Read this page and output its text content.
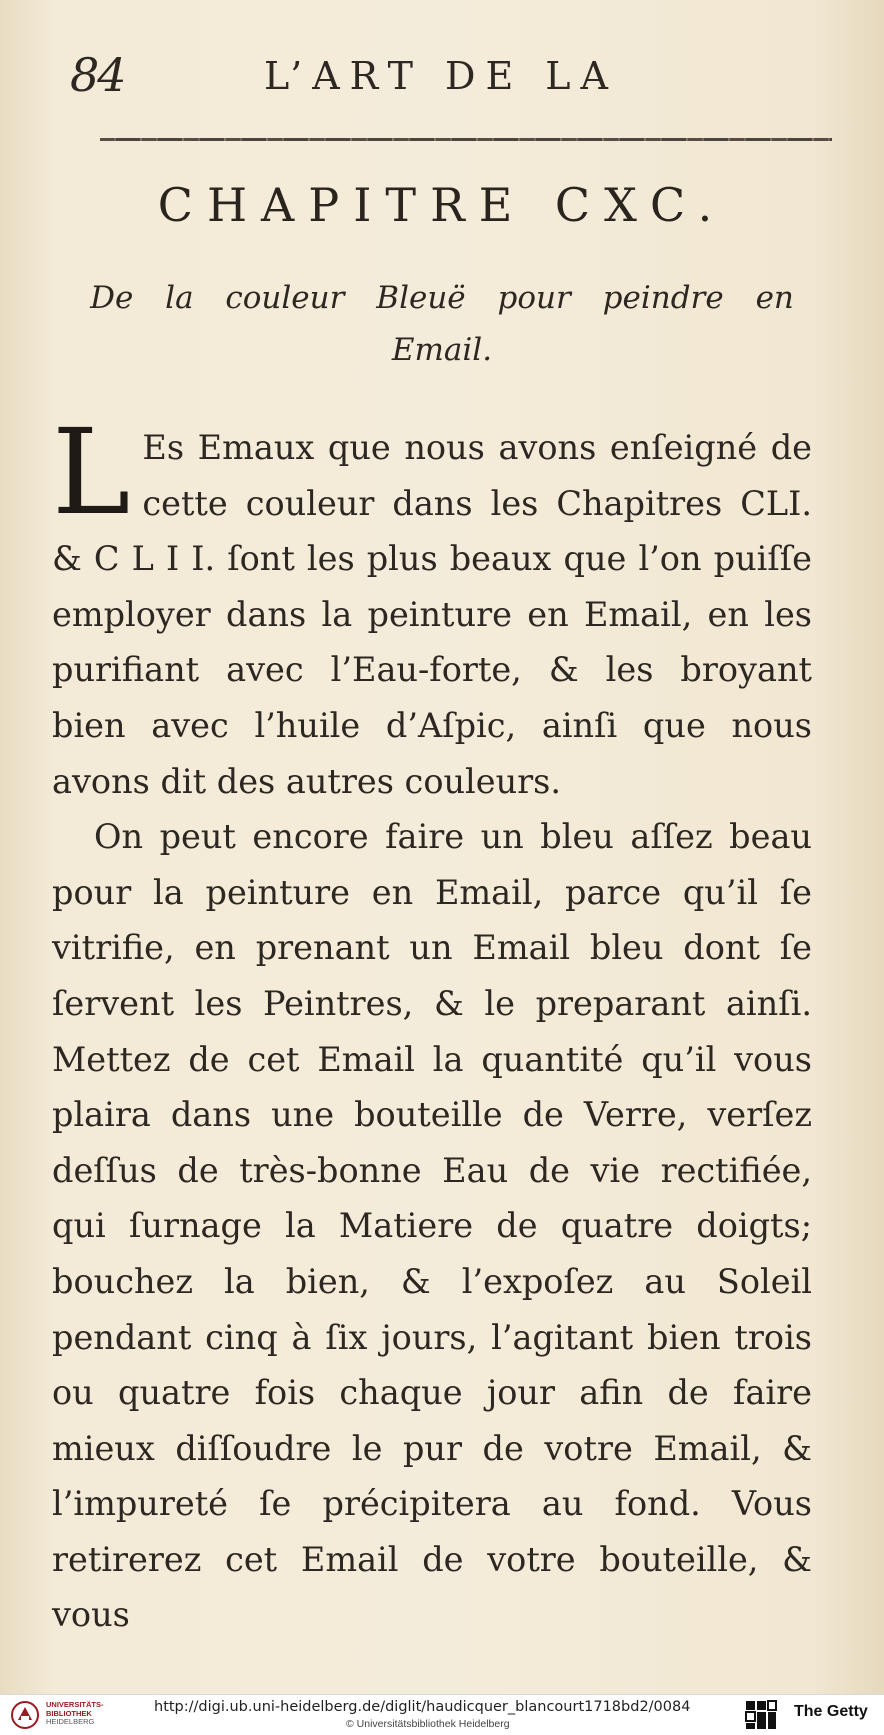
84	L’ART DE LA
CHAPITRE CXC.
De la couleur Bleuë pour peindre en
Email.

L Es Emaux que nous avons enſeigné de cette couleur dans les Chapitres CLI. & C L I I. ſont les plus beaux que l’on puiſſe employer dans la peinture en Email, en les purifiant avec l’Eau-forte, & les broyant bien avec l’huile d’Aſpic, ainſi que nous avons dit des autres couleurs.

On peut encore faire un bleu aſſez beau pour la peinture en Email, parce qu’il ſe vitrifie, en prenant un Email bleu dont ſe ſervent les Peintres, & le preparant ainſi. Mettez de cet Email la quantité qu’il vous plaira dans une bouteille de Verre, verſez deſſus de très-bonne Eau de vie rectifiée, qui ſurnage la Matiere de quatre doigts; bouchez la bien, & l’expoſez au Soleil pendant cinq à ſix jours, l’agitant bien trois ou quatre fois chaque jour afin de faire mieux diſſoudre le pur de votre Email, & l’impureté ſe précipitera au fond. Vous retirerez cet Email de votre bouteille, & vous

UNIVERSITÄTS-
BIBLIOTHEK
HEIDELBERG
http://digi.ub.uni-heidelberg.de/diglit/haudicquer_blancourt1718bd2/0084
© Universitätsbibliothek Heidelberg
The Getty
